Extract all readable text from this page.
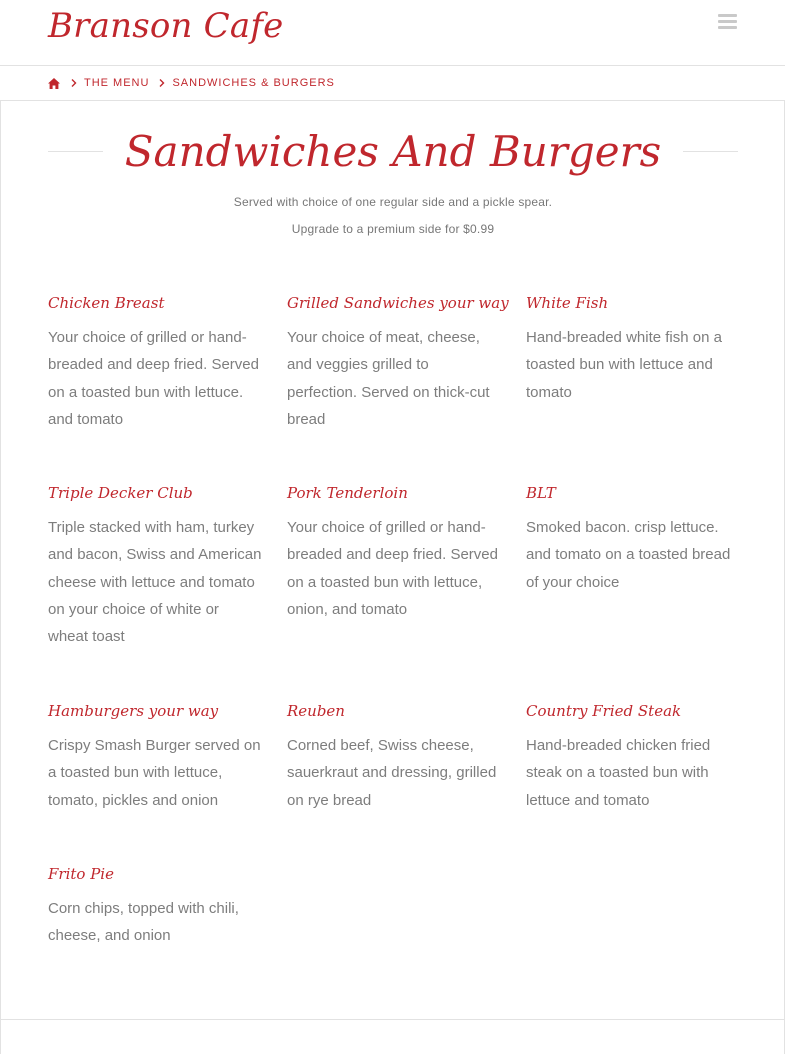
Branson Cafe
THE MENU SANDWICHES & BURGERS
Sandwiches And Burgers
Served with choice of one regular side and a pickle spear.
Upgrade to a premium side for $0.99
Chicken Breast

Your choice of grilled or hand-breaded and deep fried. Served on a toasted bun with lettuce. and tomato

Grilled Sandwiches your way

Your choice of meat, cheese, and veggies grilled to perfection. Served on thick-cut bread

White Fish

Hand-breaded white fish on a toasted bun with lettuce and tomato

Triple Decker Club

Triple stacked with ham, turkey and bacon, Swiss and American cheese with lettuce and tomato on your choice of white or wheat toast

Pork Tenderloin

Your choice of grilled or hand-breaded and deep fried. Served on a toasted bun with lettuce, onion, and tomato

BLT

Smoked bacon. crisp lettuce. and tomato on a toasted bread of your choice

Hamburgers your way

Crispy Smash Burger served on a toasted bun with lettuce, tomato, pickles and onion

Reuben

Corned beef, Swiss cheese, sauerkraut and dressing, grilled on rye bread

Country Fried Steak

Hand-breaded chicken fried steak on a toasted bun with lettuce and tomato

Frito Pie

Corn chips, topped with chili, cheese, and onion
